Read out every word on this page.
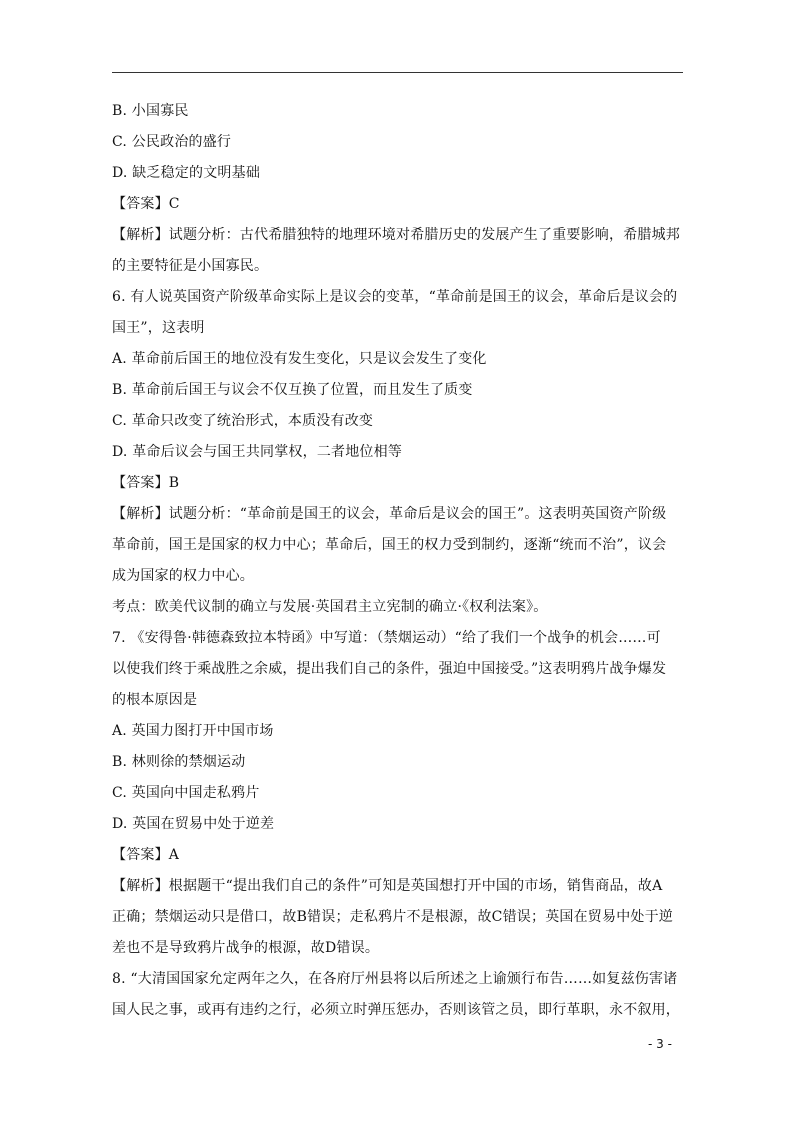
B. 小国寡民
C. 公民政治的盛行
D. 缺乏稳定的文明基础
【答案】C
【解析】试题分析：古代希腊独特的地理环境对希腊历史的发展产生了重要影响，希腊城邦
的主要特征是小国寡民。
6. 有人说英国资产阶级革命实际上是议会的变革，“革命前是国王的议会，革命后是议会的
国王”，这表明
A. 革命前后国王的地位没有发生变化，只是议会发生了变化
B. 革命前后国王与议会不仅互换了位置，而且发生了质变
C. 革命只改变了统治形式，本质没有改变
D. 革命后议会与国王共同掌权，二者地位相等
【答案】B
【解析】试题分析：“革命前是国王的议会，革命后是议会的国王”。这表明英国资产阶级
革命前，国王是国家的权力中心；革命后，国王的权力受到制约，逐渐“统而不治”，议会
成为国家的权力中心。
考点：欧美代议制的确立与发展·英国君主立宪制的确立·《权利法案》。
7. 《安得鲁·韩德森致拉本特函》中写道：（禁烟运动）“给了我们一个战争的机会……可
以使我们终于乘战胜之余威，提出我们自己的条件，强迫中国接受。”这表明鸦片战争爆发
的根本原因是
A. 英国力图打开中国市场
B. 林则徐的禁烟运动
C. 英国向中国走私鸦片
D. 英国在贸易中处于逆差
【答案】A
【解析】根据题干“提出我们自己的条件”可知是英国想打开中国的市场，销售商品，故A
正确；禁烟运动只是借口，故B错误；走私鸦片不是根源，故C错误；英国在贸易中处于逆
差也不是导致鸦片战争的根源，故D错误。
8. “大清国国家允定两年之久，在各府厅州县将以后所述之上谕颁行布告……如复兹伤害诸
国人民之事，或再有违约之行，必须立时弹压惩办，否则该管之员，即行革职，永不叙用，
- 3 -
